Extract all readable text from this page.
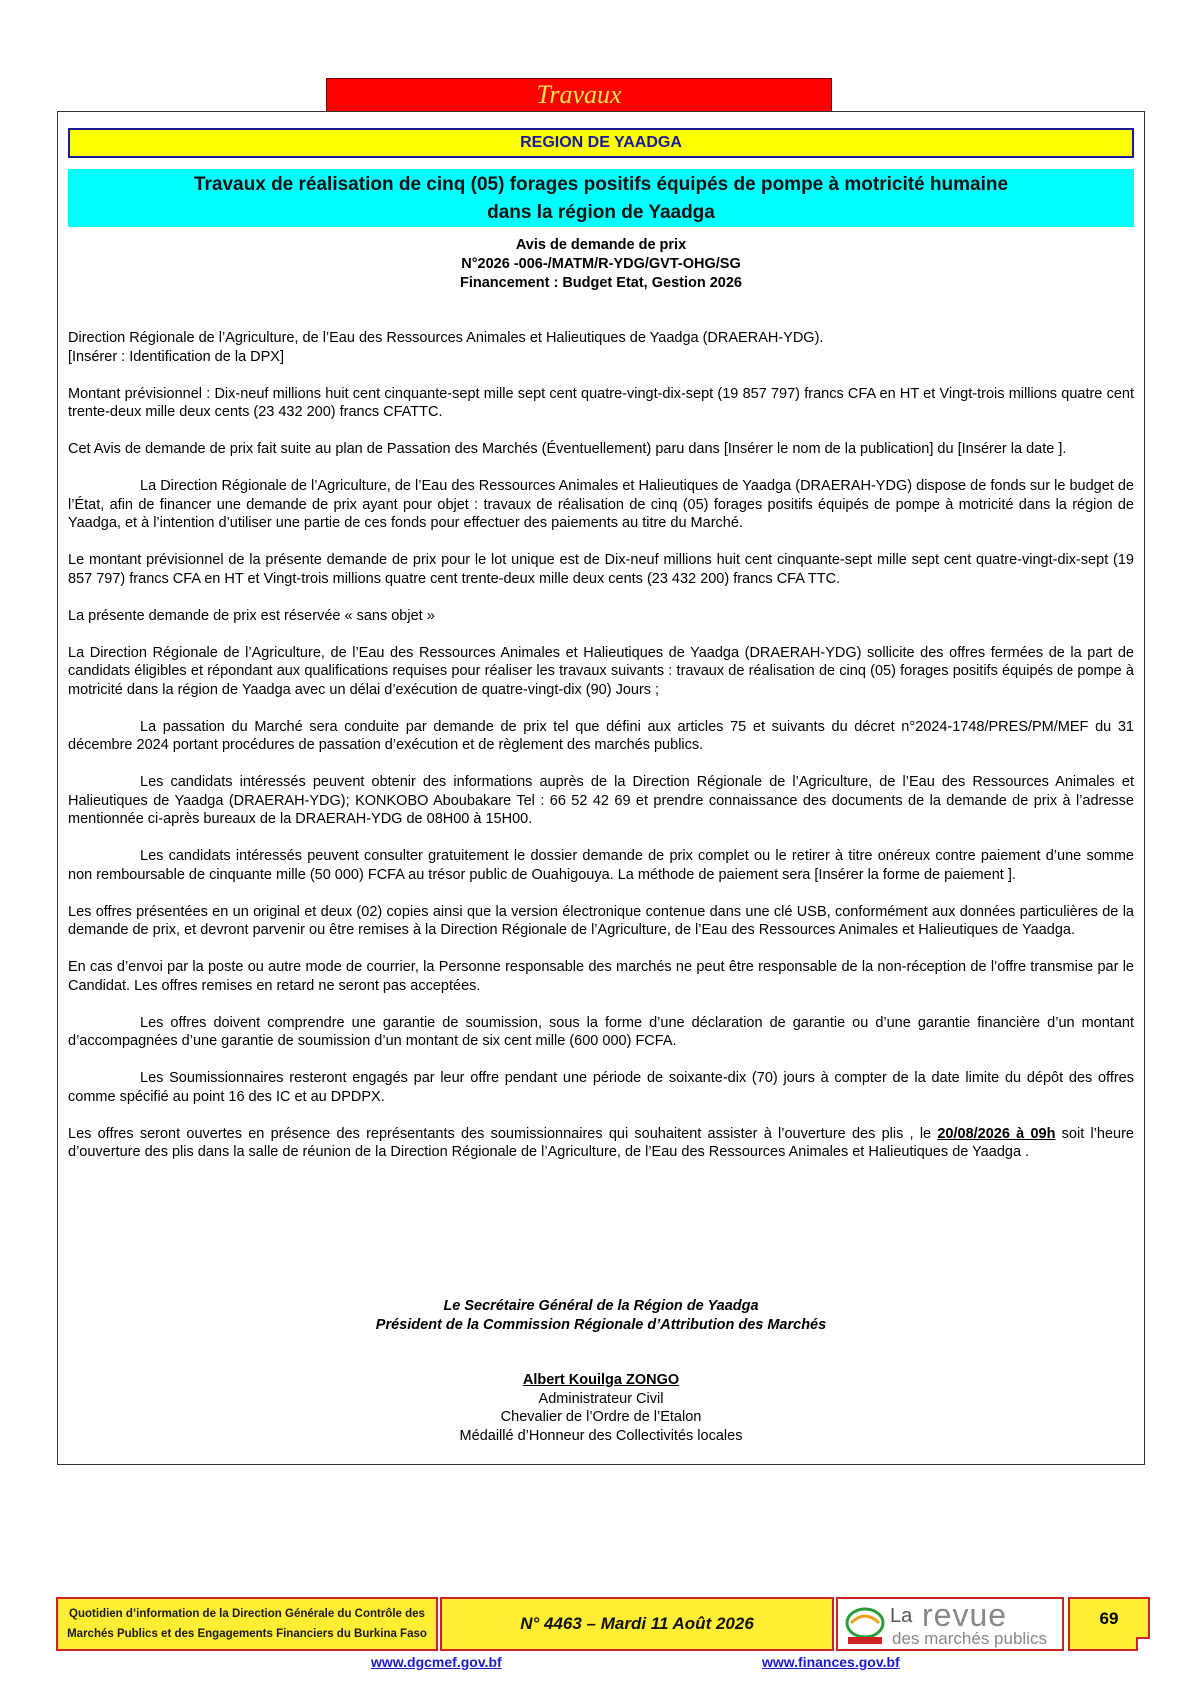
Travaux
REGION DE YAADGA
Travaux de réalisation de cinq (05) forages positifs équipés de pompe à motricité humaine
dans la région de Yaadga
Avis de demande de prix
N°2026 -006-/MATM/R-YDG/GVT-OHG/SG
Financement : Budget Etat, Gestion 2026

Direction Régionale de l’Agriculture, de l’Eau des Ressources Animales et Halieutiques de Yaadga (DRAERAH-YDG).
[Insérer : Identification de la DPX]

Montant prévisionnel : Dix-neuf millions huit cent cinquante-sept mille sept cent quatre-vingt-dix-sept (19 857 797) francs CFA en HT et Vingt-trois millions quatre cent trente-deux mille deux cents (23 432 200) francs CFATTC.

Cet Avis de demande de prix fait suite au plan de Passation des Marchés (Éventuellement) paru dans [Insérer le nom de la publication] du [Insérer la date ].

La Direction Régionale de l’Agriculture, de l’Eau des Ressources Animales et Halieutiques de Yaadga (DRAERAH-YDG) dispose de fonds sur le budget de l’État, afin de financer une demande de prix ayant pour objet : travaux de réalisation de cinq (05) forages positifs équipés de pompe à motricité dans la région de Yaadga, et à l’intention d’utiliser une partie de ces fonds pour effectuer des paiements au titre du Marché.

Le montant prévisionnel de la présente demande de prix pour le lot unique est de Dix-neuf millions huit cent cinquante-sept mille sept cent quatre-vingt-dix-sept (19 857 797) francs CFA en HT et Vingt-trois millions quatre cent trente-deux mille deux cents (23 432 200) francs CFA TTC.

La présente demande de prix est réservée « sans objet »

La Direction Régionale de l’Agriculture, de l’Eau des Ressources Animales et Halieutiques de Yaadga (DRAERAH-YDG) sollicite des offres fermées de la part de candidats éligibles et répondant aux qualifications requises pour réaliser les travaux suivants : travaux de réalisation de cinq (05) forages positifs équipés de pompe à motricité dans la région de Yaadga avec un délai d’exécution de quatre-vingt-dix (90) Jours ;

La passation du Marché sera conduite par demande de prix tel que défini aux articles 75 et suivants du décret n°2024-1748/PRES/PM/MEF du 31 décembre 2024 portant procédures de passation d’exécution et de règlement des marchés publics.

Les candidats intéressés peuvent obtenir des informations auprès de la Direction Régionale de l’Agriculture, de l’Eau des Ressources Animales et Halieutiques de Yaadga (DRAERAH-YDG); KONKOBO Aboubakare Tel : 66 52 42 69 et prendre connaissance des documents de la demande de prix à l’adresse mentionnée ci-après bureaux de la DRAERAH-YDG de 08H00 à 15H00.

Les candidats intéressés peuvent consulter gratuitement le dossier demande de prix complet ou le retirer à titre onéreux contre paiement d’une somme non remboursable de cinquante mille (50 000) FCFA au trésor public de Ouahigouya. La méthode de paiement sera [Insérer la forme de paiement ].

Les offres présentées en un original et deux (02) copies ainsi que la version électronique contenue dans une clé USB, conformément aux données particulières de la demande de prix, et devront parvenir ou être remises à la Direction Régionale de l’Agriculture, de l’Eau des Ressources Animales et Halieutiques de Yaadga.

En cas d’envoi par la poste ou autre mode de courrier, la Personne responsable des marchés ne peut être responsable de la non-réception de l’offre transmise par le Candidat. Les offres remises en retard ne seront pas acceptées.

Les offres doivent comprendre une garantie de soumission, sous la forme d’une déclaration de garantie ou d’une garantie financière d’un montant d’accompagnées d’une garantie de soumission d’un montant de six cent mille (600 000) FCFA.

Les Soumissionnaires resteront engagés par leur offre pendant une période de soixante-dix (70) jours à compter de la date limite du dépôt des offres comme spécifié au point 16 des IC et au DPDPX.

Les offres seront ouvertes en présence des représentants des soumissionnaires qui souhaitent assister à l’ouverture des plis , le 20/08/2026 à 09h soit l’heure d’ouverture des plis dans la salle de réunion de la Direction Régionale de l’Agriculture, de l’Eau des Ressources Animales et Halieutiques de Yaadga .

Le Secrétaire Général de la Région de Yaadga
Président de la Commission Régionale d’Attribution des Marchés
Albert Kouilga ZONGO
Administrateur Civil
Chevalier de l’Ordre de l’Etalon
Médaillé d’Honneur des Collectivités locales
Quotidien d’information de la Direction Générale du Contrôle des
Marchés Publics et des Engagements Financiers du Burkina Faso
N° 4463 – Mardi 11 Août 2026	La revue
des marchés publics
69
www.dgcmef.gov.bf	www.finances.gov.bf
